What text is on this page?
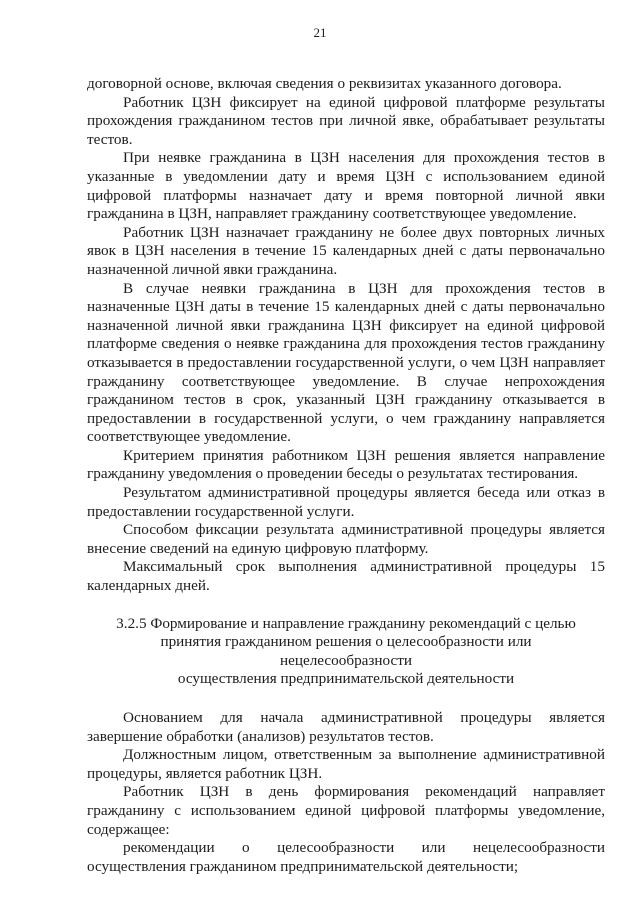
21

договорной основе, включая сведения о реквизитах указанного договора.

Работник ЦЗН фиксирует на единой цифровой платформе результаты прохождения гражданином тестов при личной явке, обрабатывает результаты тестов.

При неявке гражданина в ЦЗН населения для прохождения тестов в указанные в уведомлении дату и время ЦЗН с использованием единой цифровой платформы назначает дату и время повторной личной явки гражданина в ЦЗН, направляет гражданину соответствующее уведомление.

Работник ЦЗН назначает гражданину не более двух повторных личных явок в ЦЗН населения в течение 15 календарных дней с даты первоначально назначенной личной явки гражданина.

В случае неявки гражданина в ЦЗН для прохождения тестов в назначенные ЦЗН даты в течение 15 календарных дней с даты первоначально назначенной личной явки гражданина ЦЗН фиксирует на единой цифровой платформе сведения о неявке гражданина для прохождения тестов гражданину отказывается в предоставлении государственной услуги, о чем ЦЗН направляет гражданину соответствующее уведомление. В случае непрохождения гражданином тестов в срок, указанный ЦЗН гражданину отказывается в предоставлении в государственной услуги, о чем гражданину направляется соответствующее уведомление.

Критерием принятия работником ЦЗН решения является направление гражданину уведомления о проведении беседы о результатах тестирования.

Результатом административной процедуры является беседа или отказ в предоставлении государственной услуги.

Способом фиксации результата административной процедуры является внесение сведений на единую цифровую платформу.

Максимальный срок выполнения административной процедуры 15 календарных дней.

3.2.5 Формирование и направление гражданину рекомендаций с целью
принятия гражданином решения о целесообразности или нецелесообразности
осуществления предпринимательской деятельности

Основанием для начала административной процедуры является завершение обработки (анализов) результатов тестов.

Должностным лицом, ответственным за выполнение административной процедуры, является работник ЦЗН.

Работник ЦЗН в день формирования рекомендаций направляет гражданину с использованием единой цифровой платформы уведомление, содержащее:

рекомендации о целесообразности или нецелесообразности осуществления гражданином предпринимательской деятельности;
